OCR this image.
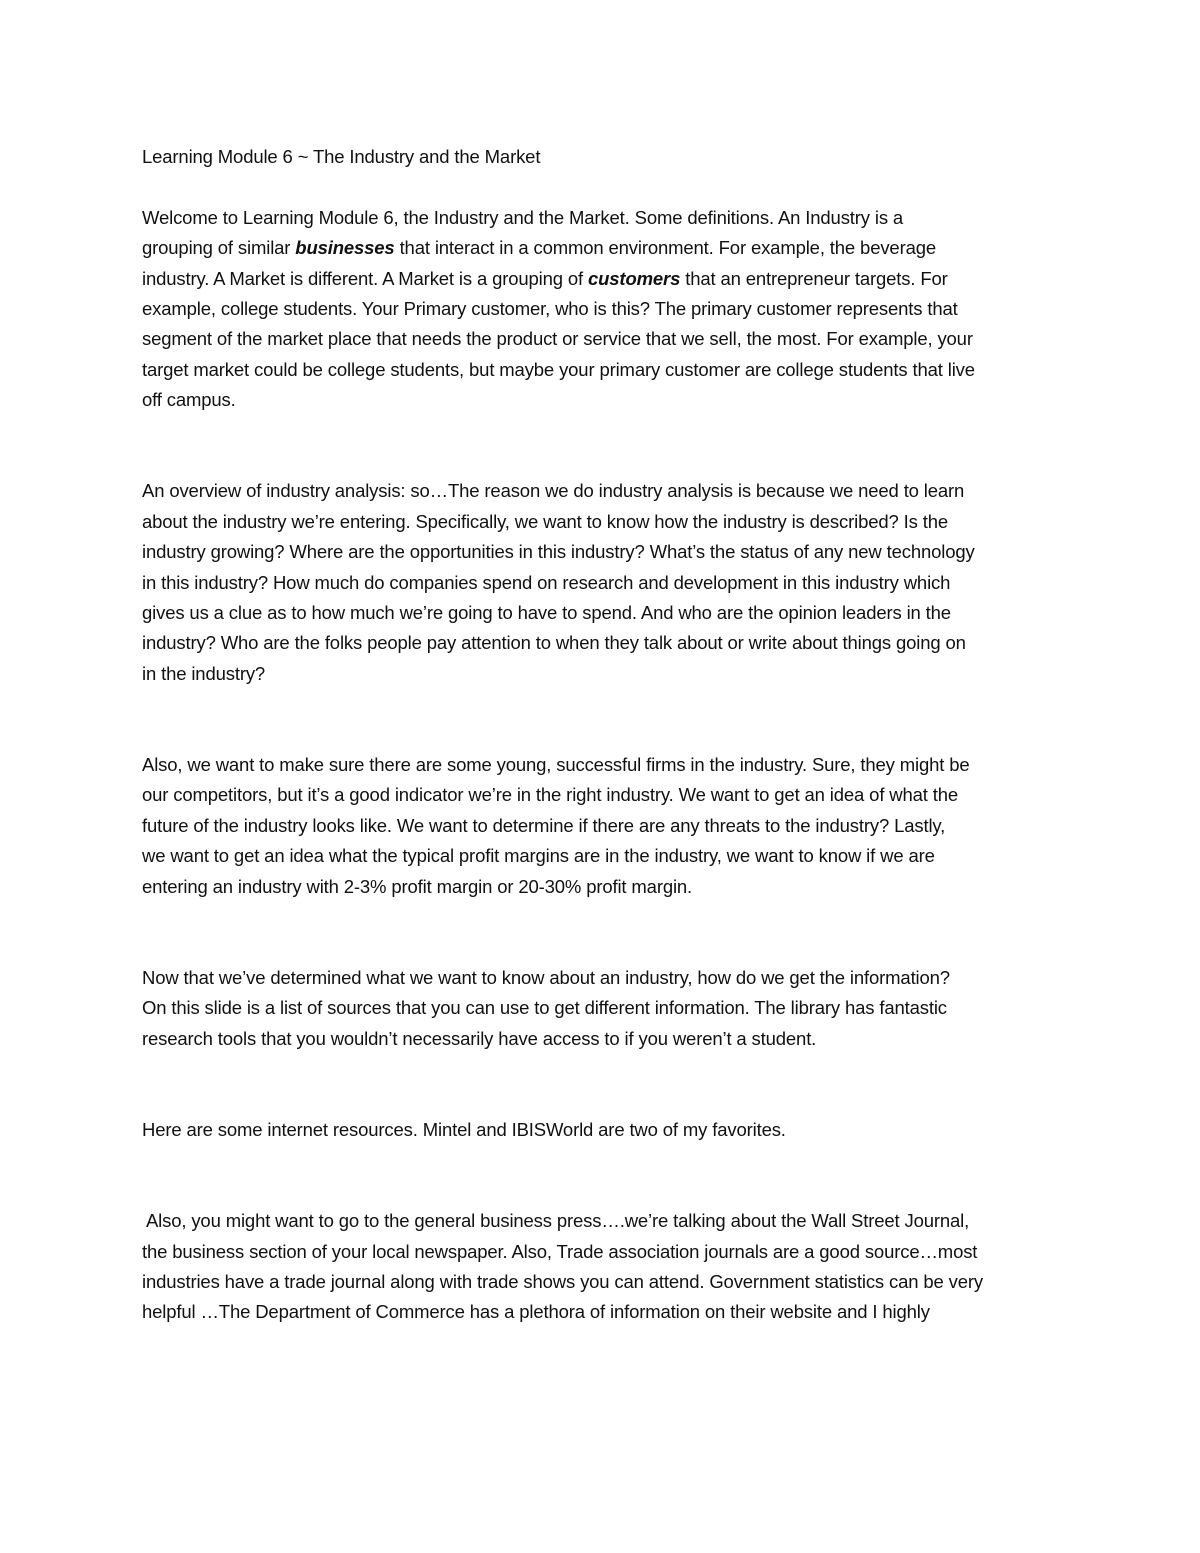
Learning Module 6 ~ The Industry and the Market

Welcome to Learning Module 6, the Industry and the Market. Some definitions. An Industry is a
grouping of similar businesses that interact in a common environment. For example, the beverage
industry. A Market is different. A Market is a grouping of customers that an entrepreneur targets. For
example, college students. Your Primary customer, who is this? The primary customer represents that
segment of the market place that needs the product or service that we sell, the most. For example, your
target market could be college students, but maybe your primary customer are college students that live
off campus.

An overview of industry analysis: so…The reason we do industry analysis is because we need to learn
about the industry we’re entering. Specifically, we want to know how the industry is described? Is the
industry growing? Where are the opportunities in this industry? What’s the status of any new technology
in this industry? How much do companies spend on research and development in this industry which
gives us a clue as to how much we’re going to have to spend. And who are the opinion leaders in the
industry? Who are the folks people pay attention to when they talk about or write about things going on
in the industry?

Also, we want to make sure there are some young, successful firms in the industry. Sure, they might be
our competitors, but it’s a good indicator we’re in the right industry. We want to get an idea of what the
future of the industry looks like. We want to determine if there are any threats to the industry? Lastly,
we want to get an idea what the typical profit margins are in the industry, we want to know if we are
entering an industry with 2-3% profit margin or 20-30% profit margin.

Now that we’ve determined what we want to know about an industry, how do we get the information?
On this slide is a list of sources that you can use to get different information. The library has fantastic
research tools that you wouldn’t necessarily have access to if you weren’t a student.

Here are some internet resources. Mintel and IBISWorld are two of my favorites.

Also, you might want to go to the general business press….we’re talking about the Wall Street Journal,
the business section of your local newspaper. Also, Trade association journals are a good source…most
industries have a trade journal along with trade shows you can attend. Government statistics can be very
helpful …The Department of Commerce has a plethora of information on their website and I highly
